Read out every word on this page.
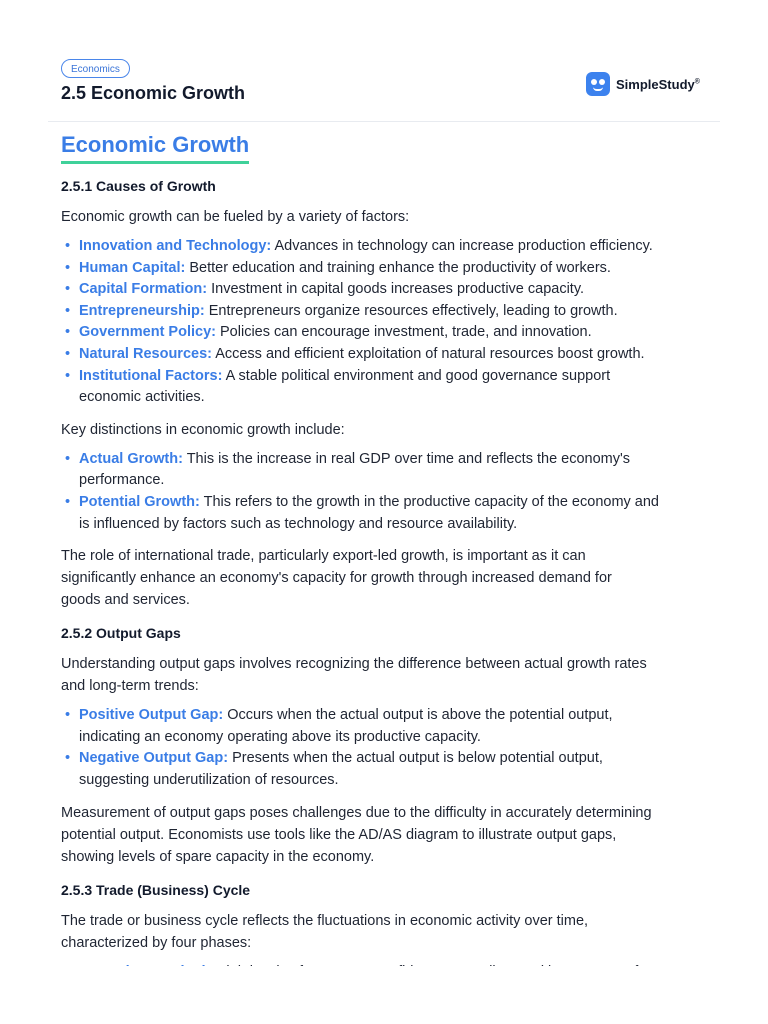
Economics
2.5 Economic Growth	SimpleStudy®
Economic Growth
2.5.1 Causes of Growth

Economic growth can be fueled by a variety of factors:

• Innovation and Technology: Advances in technology can increase production efficiency.
• Human Capital: Better education and training enhance the productivity of workers.
• Capital Formation: Investment in capital goods increases productive capacity.
• Entrepreneurship: Entrepreneurs organize resources effectively, leading to growth.
• Government Policy: Policies can encourage investment, trade, and innovation.
• Natural Resources: Access and efficient exploitation of natural resources boost growth.
• Institutional Factors: A stable political environment and good governance support
economic activities.

Key distinctions in economic growth include:

• Actual Growth: This is the increase in real GDP over time and reflects the economy's
performance.
• Potential Growth: This refers to the growth in the productive capacity of the economy and
is influenced by factors such as technology and resource availability.

The role of international trade, particularly export-led growth, is important as it can
significantly enhance an economy's capacity for growth through increased demand for
goods and services.

2.5.2 Output Gaps

Understanding output gaps involves recognizing the difference between actual growth rates
and long-term trends:

• Positive Output Gap: Occurs when the actual output is above the potential output,
indicating an economy operating above its productive capacity.
• Negative Output Gap: Presents when the actual output is below potential output,
suggesting underutilization of resources.

Measurement of output gaps poses challenges due to the difficulty in accurately determining
potential output. Economists use tools like the AD/AS diagram to illustrate output gaps,
showing levels of spare capacity in the economy.

2.5.3 Trade (Business) Cycle

The trade or business cycle reflects the fluctuations in economic activity over time,
characterized by four phases:

•
